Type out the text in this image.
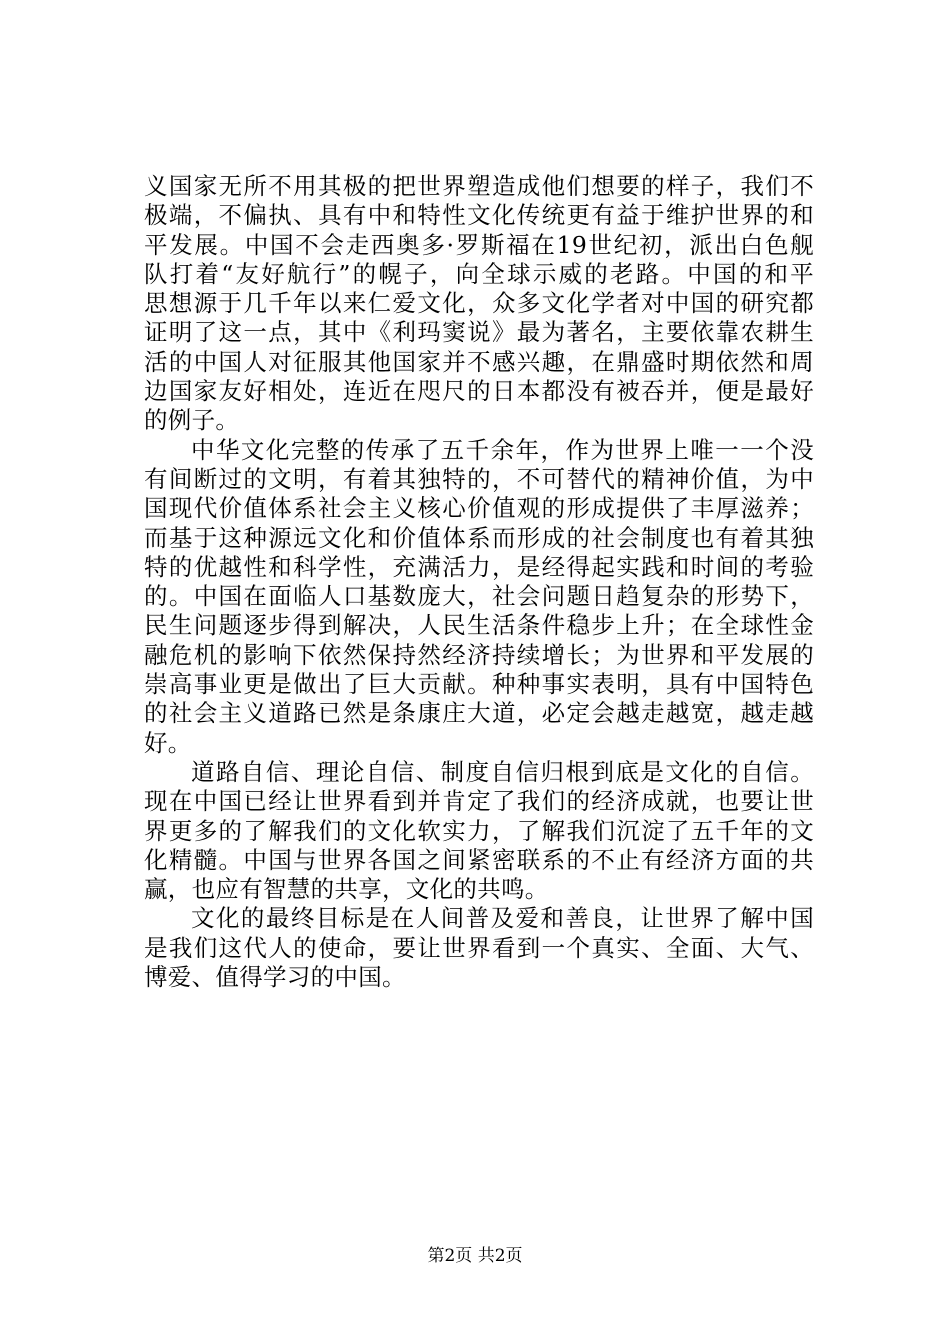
义国家无所不用其极的把世界塑造成他们想要的样子，我们不
极端，不偏执、具有中和特性文化传统更有益于维护世界的和
平发展。中国不会走西奥多·罗斯福在19世纪初，派出白色舰
队打着“友好航行”的幌子，向全球示威的老路。中国的和平
思想源于几千年以来仁爱文化，众多文化学者对中国的研究都
证明了这一点，其中《利玛窦说》最为著名，主要依靠农耕生
活的中国人对征服其他国家并不感兴趣，在鼎盛时期依然和周
边国家友好相处，连近在咫尺的日本都没有被吞并，便是最好
的例子。
中华文化完整的传承了五千余年，作为世界上唯一一个没
有间断过的文明，有着其独特的，不可替代的精神价值，为中
国现代价值体系社会主义核心价值观的形成提供了丰厚滋养；
而基于这种源远文化和价值体系而形成的社会制度也有着其独
特的优越性和科学性，充满活力，是经得起实践和时间的考验
的。中国在面临人口基数庞大，社会问题日趋复杂的形势下，
民生问题逐步得到解决，人民生活条件稳步上升；在全球性金
融危机的影响下依然保持然经济持续增长；为世界和平发展的
崇高事业更是做出了巨大贡献。种种事实表明，具有中国特色
的社会主义道路已然是条康庄大道，必定会越走越宽，越走越
好。
道路自信、理论自信、制度自信归根到底是文化的自信。
现在中国已经让世界看到并肯定了我们的经济成就，也要让世
界更多的了解我们的文化软实力，了解我们沉淀了五千年的文
化精髓。中国与世界各国之间紧密联系的不止有经济方面的共
赢，也应有智慧的共享，文化的共鸣。
文化的最终目标是在人间普及爱和善良，让世界了解中国
是我们这代人的使命，要让世界看到一个真实、全面、大气、
博爱、值得学习的中国。
第2页 共2页
